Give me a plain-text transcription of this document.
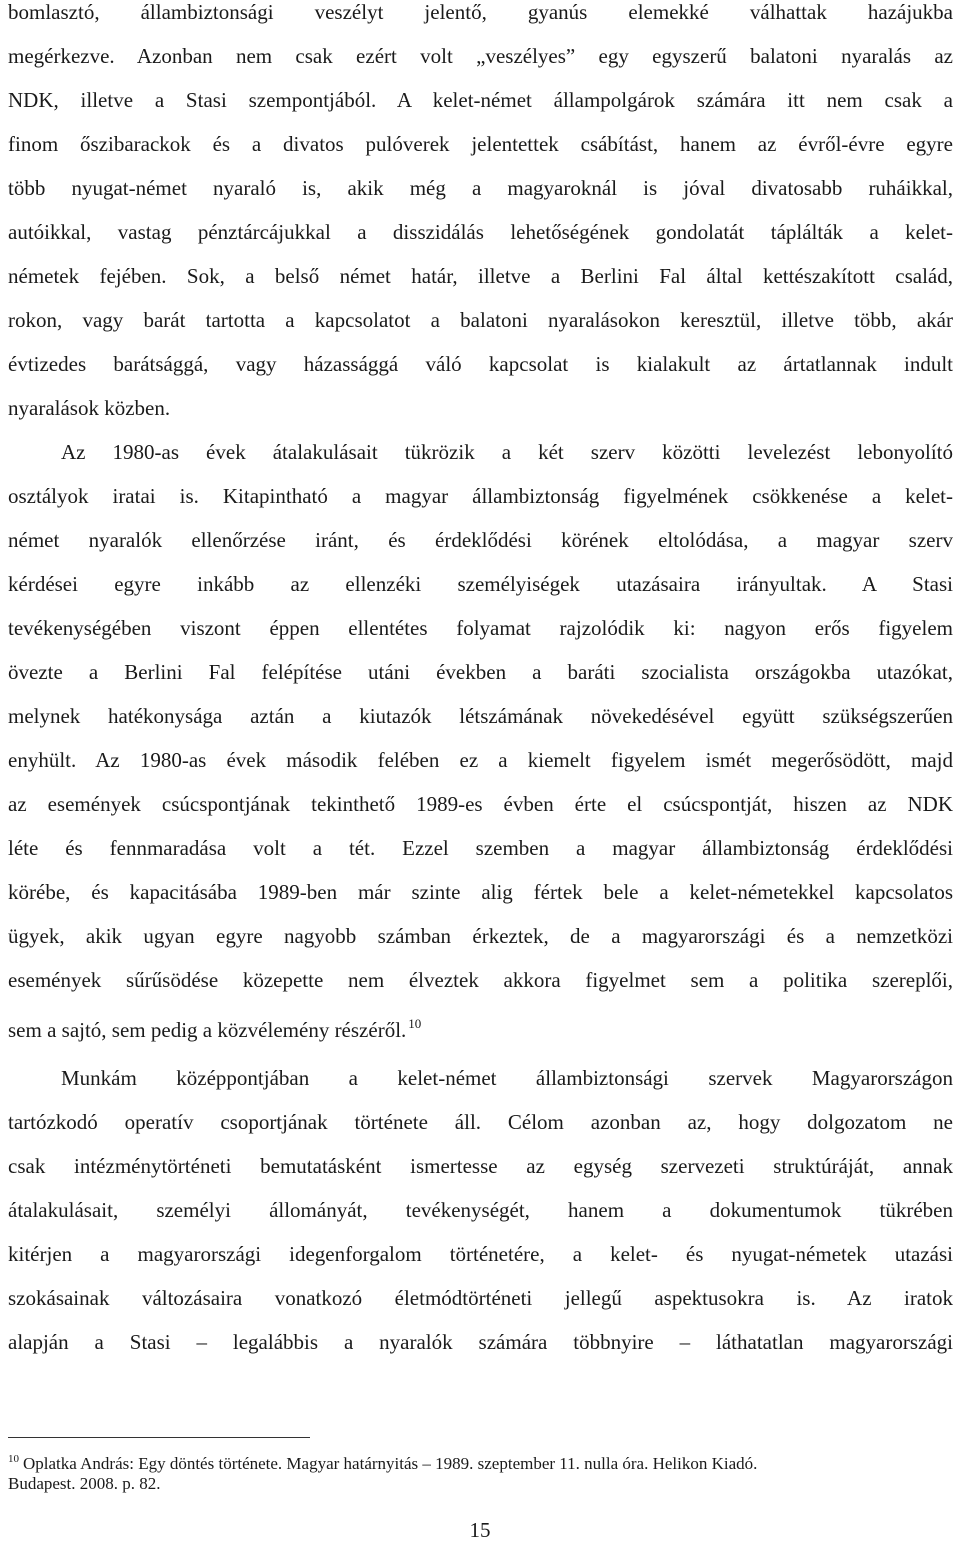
bomlasztó, állambiztonsági veszélyt jelentő, gyanús elemekké válhattak hazájukba
megérkezve. Azonban nem csak ezért volt „veszélyes” egy egyszerű balatoni nyaralás az
NDK, illetve a Stasi szempontjából. A kelet-német állampolgárok számára itt nem csak a
finom őszibarackok és a divatos pulóverek jelentettek csábítást, hanem az évről-évre egyre
több nyugat-német nyaraló is, akik még a magyaroknál is jóval divatosabb ruháikkal,
autóikkal, vastag pénztárcájukkal a disszidálás lehetőségének gondolatát táplálták a kelet-
németek fejében. Sok, a belső német határ, illetve a Berlini Fal által kettészakított család,
rokon, vagy barát tartotta a kapcsolatot a balatoni nyaralásokon keresztül, illetve több, akár
évtizedes barátsággá, vagy házassággá váló kapcsolat is kialakult az ártatlannak indult
nyaralások közben.
Az 1980-as évek átalakulásait tükrözik a két szerv közötti levelezést lebonyolító
osztályok iratai is. Kitapintható a magyar állambiztonság figyelmének csökkenése a kelet-
német nyaralók ellenőrzése iránt, és érdeklődési körének eltolódása, a magyar szerv
kérdései egyre inkább az ellenzéki személyiségek utazásaira irányultak. A Stasi
tevékenységében viszont éppen ellentétes folyamat rajzolódik ki: nagyon erős figyelem
övezte a Berlini Fal felépítése utáni években a baráti szocialista országokba utazókat,
melynek hatékonysága aztán a kiutazók létszámának növekedésével együtt szükségszerűen
enyhült. Az 1980-as évek második felében ez a kiemelt figyelem ismét megerősödött, majd
az események csúcspontjának tekinthető 1989-es évben érte el csúcspontját, hiszen az NDK
léte és fennmaradása volt a tét. Ezzel szemben a magyar állambiztonság érdeklődési
körébe, és kapacitásába 1989-ben már szinte alig fértek bele a kelet-németekkel kapcsolatos
ügyek, akik ugyan egyre nagyobb számban érkeztek, de a magyarországi és a nemzetközi
események sűrűsödése közepette nem élveztek akkora figyelmet sem a politika szereplői,
sem a sajtó, sem pedig a közvélemény részéről. $^{10}$
Munkám középpontjában a kelet-német állambiztonsági szervek Magyarországon
tartózkodó operatív csoportjának története áll. Célom azonban az, hogy dolgozatom ne
csak intézménytörténeti bemutatásként ismertesse az egység szervezeti struktúráját, annak
átalakulásait, személyi állományát, tevékenységét, hanem a dokumentumok tükrében
kitérjen a magyarországi idegenforgalom történetére, a kelet- és nyugat-németek utazási
szokásainak változásaira vonatkozó életmódtörténeti jellegű aspektusokra is. Az iratok
alapján a Stasi – legalábbis a nyaralók számára többnyire – láthatatlan magyarországi
$^{10}$ Oplatka András: Egy döntés története. Magyar határnyitás – 1989. szeptember 11. nulla óra. Helikon Kiadó.
Budapest. 2008. p. 82.
15
